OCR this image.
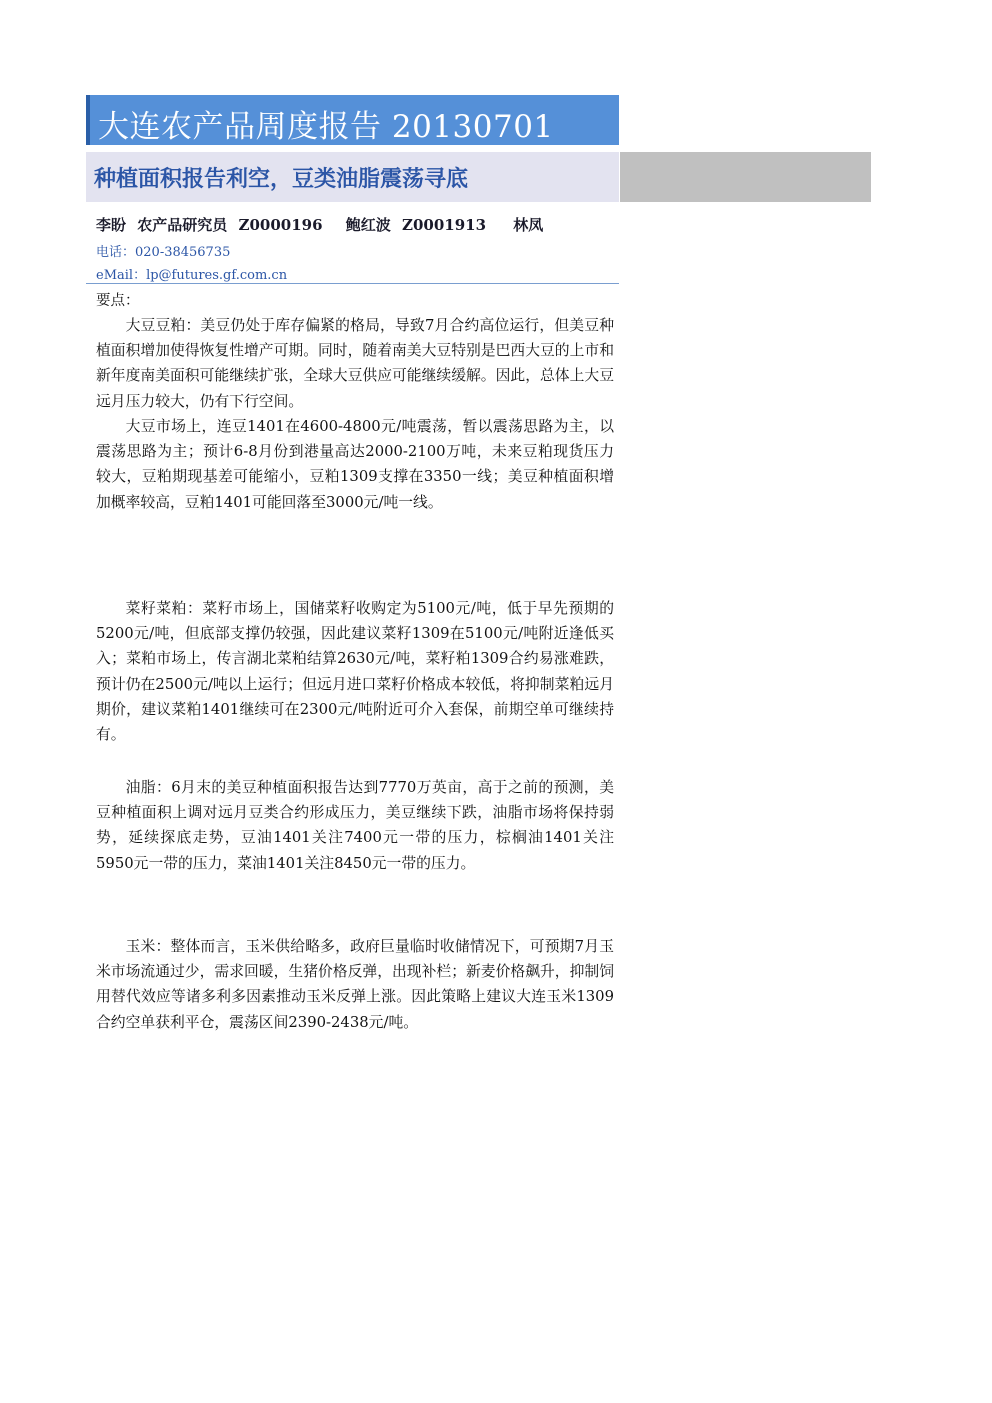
大连农产品周度报告 20130701
种植面积报告利空，豆类油脂震荡寻底
李盼 农产品研究员 Z0000196 鲍红波 Z0001913 林凤
电话：020-38456735
eMail：lp@futures.gf.com.cn
要点：
大豆豆粕：美豆仍处于库存偏紧的格局，导致7月合约高位运行，但美豆种植面积增加使得恢复性增产可期。同时，随着南美大豆特别是巴西大豆的上市和新年度南美面积可能继续扩张，全球大豆供应可能继续缓解。因此，总体上大豆远月压力较大，仍有下行空间。
大豆市场上，连豆1401在4600-4800元/吨震荡，暂以震荡思路为主，以震荡思路为主；预计6-8月份到港量高达2000-2100万吨，未来豆粕现货压力较大，豆粕期现基差可能缩小，豆粕1309支撑在3350一线；美豆种植面积增加概率较高，豆粕1401可能回落至3000元/吨一线。
菜籽菜粕：菜籽市场上，国储菜籽收购定为5100元/吨，低于早先预期的5200元/吨，但底部支撑仍较强，因此建议菜籽1309在5100元/吨附近逢低买入；菜粕市场上，传言湖北菜粕结算2630元/吨，菜籽粕1309合约易涨难跌，预计仍在2500元/吨以上运行；但远月进口菜籽价格成本较低，将抑制菜粕远月期价，建议菜粕1401继续可在2300元/吨附近可介入套保，前期空单可继续持有。
油脂：6月末的美豆种植面积报告达到7770万英亩，高于之前的预测，美豆种植面积上调对远月豆类合约形成压力，美豆继续下跌，油脂市场将保持弱势，延续探底走势，豆油1401关注7400元一带的压力，棕榈油1401关注5950元一带的压力，菜油1401关注8450元一带的压力。
玉米：整体而言，玉米供给略多，政府巨量临时收储情况下，可预期7月玉米市场流通过少，需求回暖，生猪价格反弹，出现补栏；新麦价格飙升，抑制饲用替代效应等诸多利多因素推动玉米反弹上涨。因此策略上建议大连玉米1309合约空单获利平仓，震荡区间2390-2438元/吨。
